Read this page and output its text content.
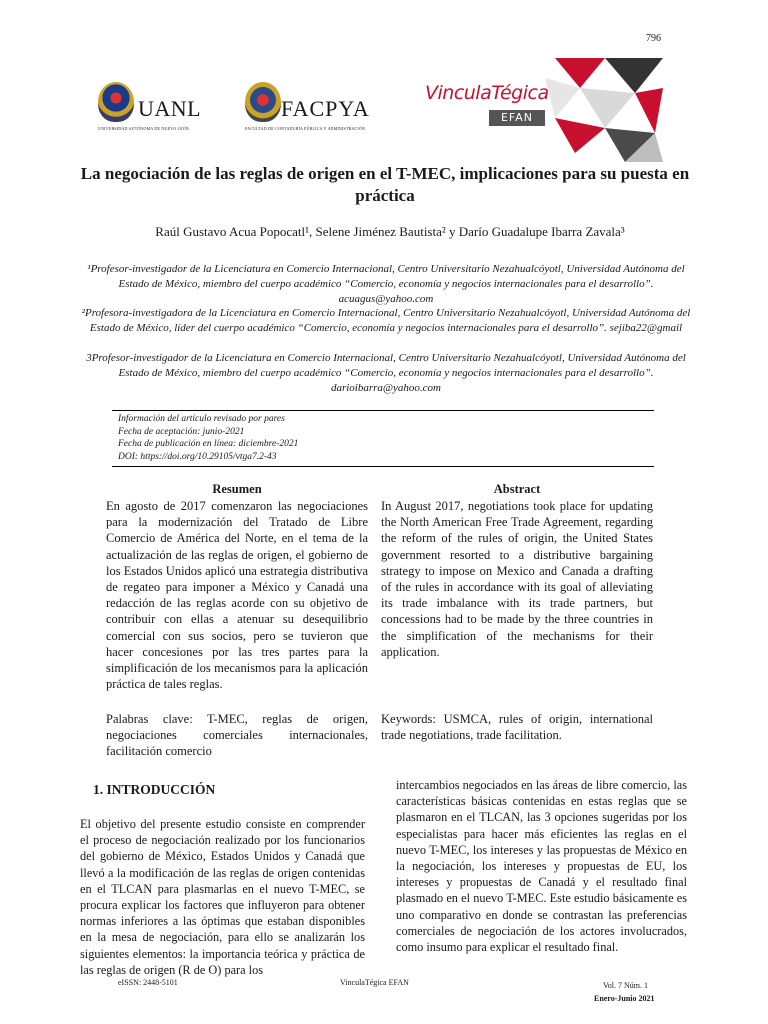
796
UANL
UNIVERSIDAD AUTÓNOMA DE NUEVO LEÓN
FACPYA
FACULTAD DE CONTADURÍA PÚBLICA Y ADMINISTRACIÓN
VinculaTégica
EFAN
La negociación de las reglas de origen en el T-MEC, implicaciones para su puesta en práctica
Raúl Gustavo Acua Popocatl¹, Selene Jiménez Bautista² y Darío Guadalupe Ibarra Zavala³
¹Profesor-investigador de la Licenciatura en Comercio Internacional, Centro Universitario Nezahualcóyotl, Universidad Autónoma del Estado de México, miembro del cuerpo académico “Comercio, economía y negocios internacionales para el desarrollo”. acuagus@yahoo.com
²Profesora-investigadora de la Licenciatura en Comercio Internacional, Centro Universitario Nezahualcóyotl, Universidad Autónoma del Estado de México, líder del cuerpo académico “Comercio, economía y negocios internacionales para el desarrollo”. sejiba22@gmail
3Profesor-investigador de la Licenciatura en Comercio Internacional, Centro Universitario Nezahualcóyotl, Universidad Autónoma del Estado de México, miembro del cuerpo académico “Comercio, economía y negocios internacionales para el desarrollo”. darioibarra@yahoo.com
Información del artículo revisado por pares
Fecha de aceptación: junio-2021
Fecha de publicación en línea: diciembre-2021
DOI: https://doi.org/10.29105/vtga7.2-43
Resumen
En agosto de 2017 comenzaron las negociaciones para la modernización del Tratado de Libre Comercio de América del Norte, en el tema de la actualización de las reglas de origen, el gobierno de los Estados Unidos aplicó una estrategia distributiva de regateo para imponer a México y Canadá una redacción de las reglas acorde con su objetivo de contribuir con ellas a atenuar su desequilibrio comercial con sus socios, pero se tuvieron que hacer concesiones por las tres partes para la simplificación de los mecanismos para la aplicación práctica de tales reglas.
Palabras clave: T-MEC, reglas de origen, negociaciones comerciales internacionales, facilitación comercio
Abstract
In August 2017, negotiations took place for updating the North American Free Trade Agreement, regarding the reform of the rules of origin, the United States government resorted to a distributive bargaining strategy to impose on Mexico and Canada a drafting of the rules in accordance with its goal of alleviating its trade imbalance with its trade partners, but concessions had to be made by the three countries in the simplification of the mechanisms for their application.
Keywords: USMCA, rules of origin, international trade negotiations, trade facilitation.
1. INTRODUCCIÓN
El objetivo del presente estudio consiste en comprender el proceso de negociación realizado por los funcionarios del gobierno de México, Estados Unidos y Canadá que llevó a la modificación de las reglas de origen contenidas en el TLCAN para plasmarlas en el nuevo T-MEC, se procura explicar los factores que influyeron para obtener normas inferiores a las óptimas que estaban disponibles en la mesa de negociación, para ello se analizarán los siguientes elementos: la importancia teórica y práctica de las reglas de origen (R de O) para los
intercambios negociados en las áreas de libre comercio, las características básicas contenidas en estas reglas que se plasmaron en el TLCAN, las 3 opciones sugeridas por los especialistas para hacer más eficientes las reglas en el nuevo T-MEC, los intereses y las propuestas de México en la negociación, los intereses y propuestas de EU, los intereses y propuestas de Canadá y el resultado final plasmado en el nuevo T-MEC. Este estudio básicamente es uno comparativo en donde se contrastan las preferencias comerciales de negociación de los actores involucrados, como insumo para explicar el resultado final.
eISSN: 2448-5101	VinculaTégica EFAN	Vol. 7 Núm. 1
Enero-Junio 2021
